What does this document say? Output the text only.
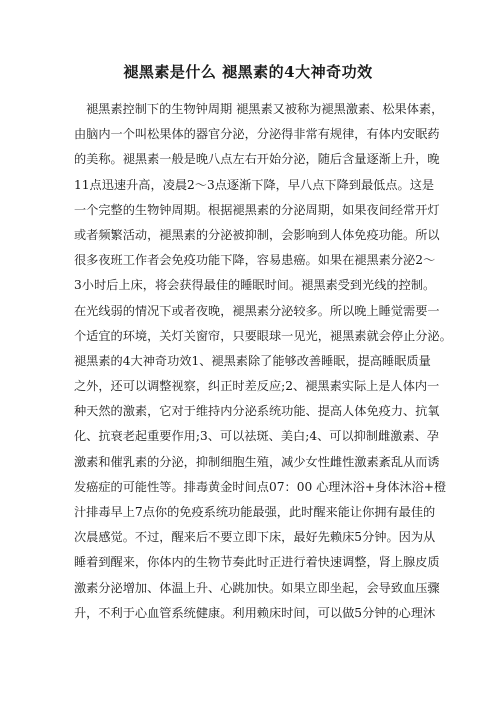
褪黑素是什么 褪黑素的4大神奇功效
褪黑素控制下的生物钟周期 褪黑素又被称为褪黑激素、松果体素，
由脑内一个叫松果体的器官分泌，分泌得非常有规律，有体内安眠药
的美称。褪黑素一般是晚八点左右开始分泌，随后含量逐渐上升，晚
11点迅速升高，凌晨2～3点逐渐下降，早八点下降到最低点。这是
一个完整的生物钟周期。根据褪黑素的分泌周期，如果夜间经常开灯
或者频繁活动，褪黑素的分泌被抑制，会影响到人体免疫功能。所以
很多夜班工作者会免疫功能下降，容易患癌。如果在褪黑素分泌2～
3小时后上床，将会获得最佳的睡眠时间。褪黑素受到光线的控制。
在光线弱的情况下或者夜晚，褪黑素分泌较多。所以晚上睡觉需要一
个适宜的环境，关灯关窗帘，只要眼球一见光，褪黑素就会停止分泌。
褪黑素的4大神奇功效1、褪黑素除了能够改善睡眠，提高睡眠质量
之外，还可以调整视察，纠正时差反应;2、褪黑素实际上是人体内一
种天然的激素，它对于维持内分泌系统功能、提高人体免疫力、抗氧
化、抗衰老起重要作用;3、可以祛斑、美白;4、可以抑制雌激素、孕
激素和催乳素的分泌，抑制细胞生殖，减少女性雌性激素紊乱从而诱
发癌症的可能性等。排毒黄金时间点07：00 心理沐浴+身体沐浴+橙
汁排毒早上7点你的免疫系统功能最强，此时醒来能让你拥有最佳的
次晨感觉。不过，醒来后不要立即下床，最好先赖床5分钟。因为从
睡着到醒来，你体内的生物节奏此时正进行着快速调整，肾上腺皮质
激素分泌增加、体温上升、心跳加快。如果立即坐起，会导致血压骤
升，不利于心血管系统健康。利用赖床时间，可以做5分钟的心理沐
